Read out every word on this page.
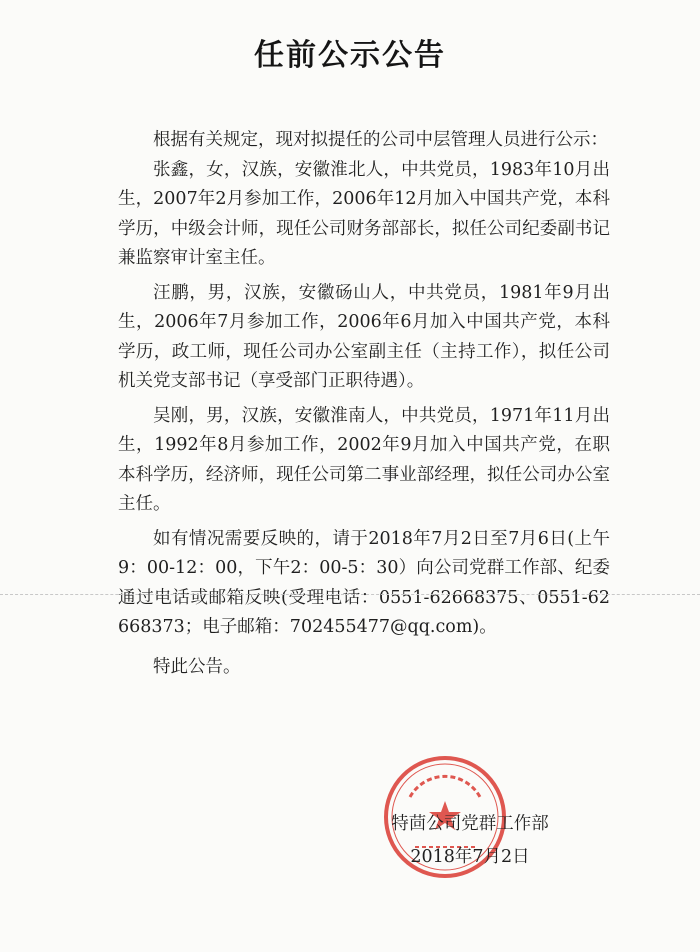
任前公示公告

根据有关规定，现对拟提任的公司中层管理人员进行公示：

张鑫，女，汉族，安徽淮北人，中共党员，1983年10月出生，2007年2月参加工作，2006年12月加入中国共产党，本科学历，中级会计师，现任公司财务部部长，拟任公司纪委副书记兼监察审计室主任。

汪鹏，男，汉族，安徽砀山人，中共党员，1981年9月出生，2006年7月参加工作，2006年6月加入中国共产党，本科学历，政工师，现任公司办公室副主任（主持工作），拟任公司机关党支部书记（享受部门正职待遇）。

吴刚，男，汉族，安徽淮南人，中共党员，1971年11月出生，1992年8月参加工作，2002年9月加入中国共产党，在职本科学历，经济师，现任公司第二事业部经理，拟任公司办公室主任。

如有情况需要反映的，请于2018年7月2日至7月6日(上午9：00-12：00，下午2：00-5：30）向公司党群工作部、纪委通过电话或邮箱反映(受理电话：0551-62668375、0551-62668373；电子邮箱：702455477@qq.com)。

特此公告。

特茴公司党群工作部
2018年7月2日
